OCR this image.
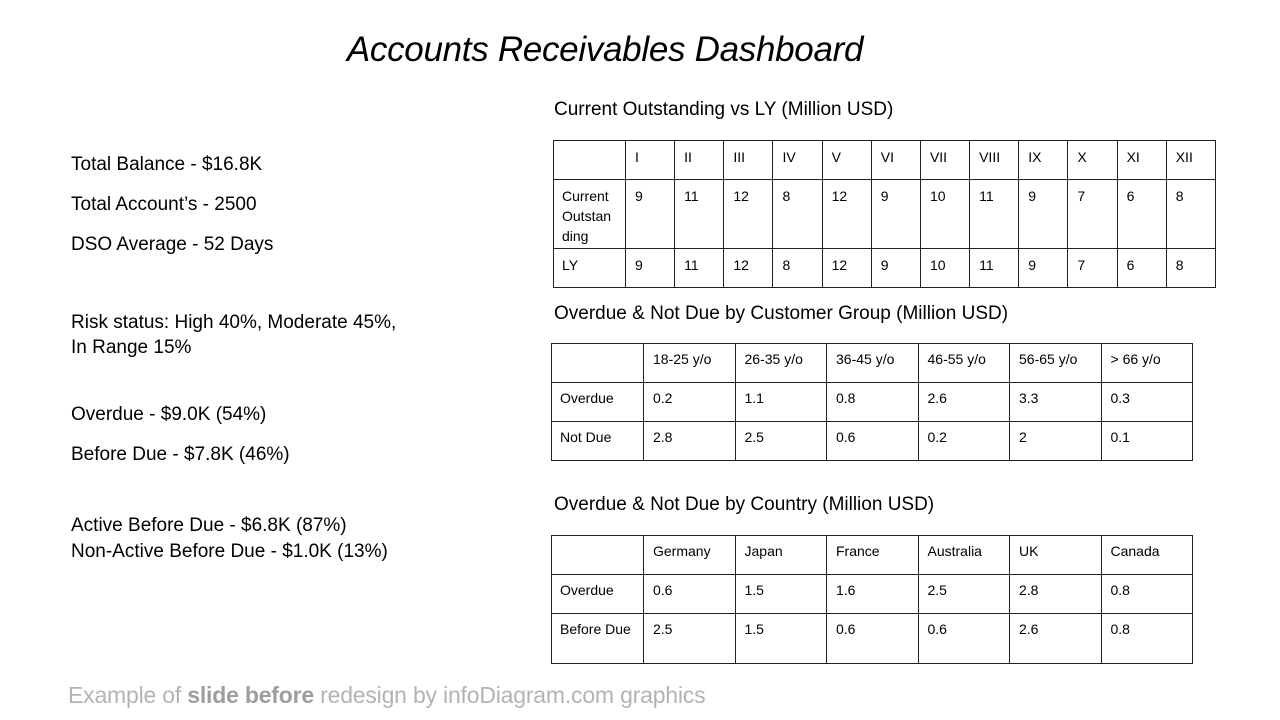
Accounts Receivables Dashboard
Total Balance - $16.8K
Total Account’s - 2500
DSO Average - 52 Days
Risk status: High 40%, Moderate 45%, In Range 15%
Overdue - $9.0K (54%)
Before Due - $7.8K (46%)
Active Before Due - $6.8K (87%)
Non-Active Before Due - $1.0K (13%)
Current Outstanding vs LY (Million USD)
	I	II	III	IV	V	VI	VII	VIII	IX	X	XI	XII
Current Outstan ding	9	11	12	8	12	9	10	11	9	7	6	8
LY	9	11	12	8	12	9	10	11	9	7	6	8
Overdue & Not Due by Customer Group (Million USD)
	18-25 y/o	26-35 y/o	36-45 y/o	46-55 y/o	56-65 y/o	> 66 y/o
Overdue	0.2	1.1	0.8	2.6	3.3	0.3
Not Due	2.8	2.5	0.6	0.2	2	0.1
Overdue & Not Due by Country (Million USD)
	Germany	Japan	France	Australia	UK	Canada
Overdue	0.6	1.5	1.6	2.5	2.8	0.8
Before Due	2.5	1.5	0.6	0.6	2.6	0.8
Example of slide before redesign by infoDiagram.com graphics
